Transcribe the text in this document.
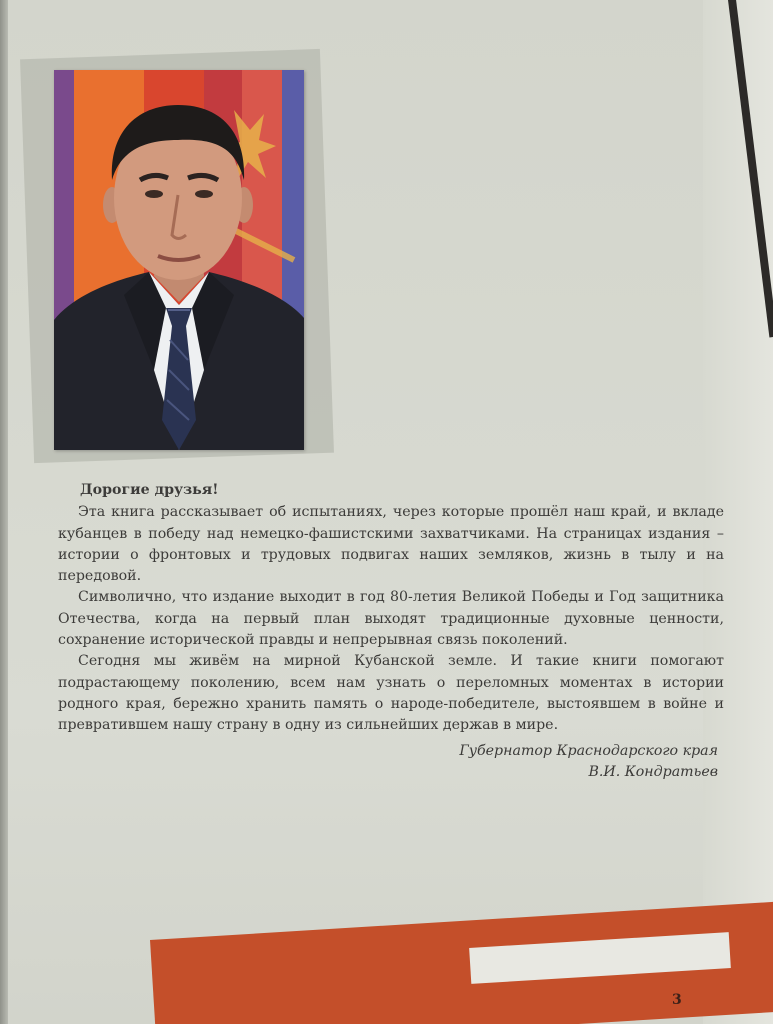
Дорогие друзья!

Эта книга рассказывает об испытаниях, через которые прошёл наш край, и вкладе кубанцев в победу над немецко-фашистскими захватчиками. На страницах издания – истории о фронтовых и трудовых подвигах наших земляков, жизнь в тылу и на передовой.

Символично, что издание выходит в год 80-летия Великой Победы и Год защитника Отечества, когда на первый план выходят традиционные духовные ценности, сохранение исторической правды и непрерывная связь поколений.

Сегодня мы живём на мирной Кубанской земле. И такие книги помогают подрастающему поколению, всем нам узнать о переломных моментах в истории родного края, бережно хранить память о народе-победителе, выстоявшем в войне и превратившем нашу страну в одну из сильнейших держав в мире.

Губернатор Краснодарского края
В.И. Кондратьев
3
